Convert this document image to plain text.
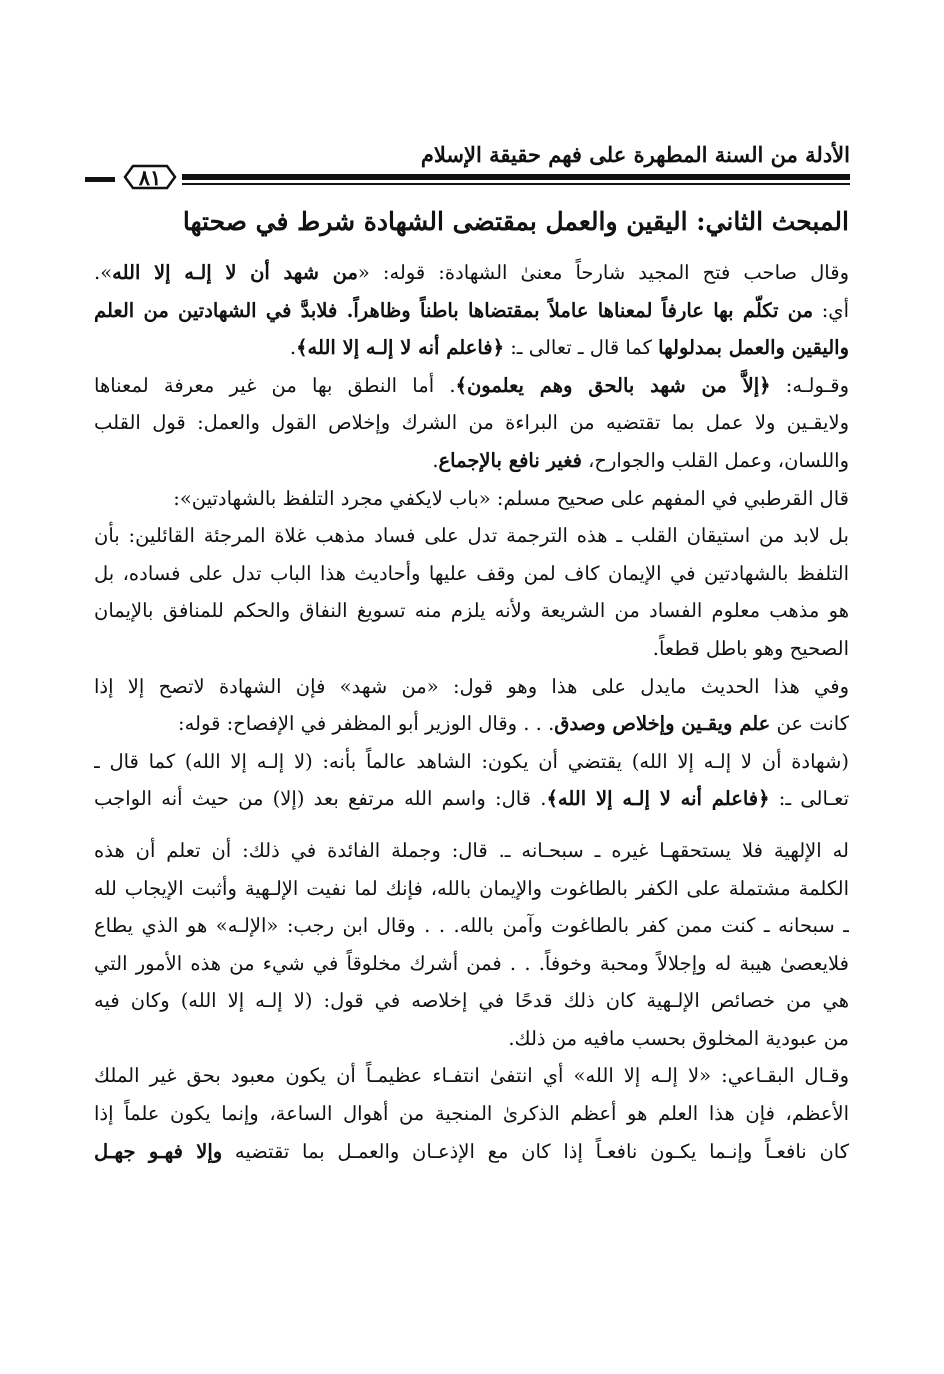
الأدلة من السنة المطهرة على فهم حقيقة الإسلام
٨١
المبحث الثاني: اليقين والعمل بمقتضى الشهادة شرط في صحتها
وقال صاحب فتح المجيد شارحاً معنىٰ الشهادة: قوله: «من شهد أن لا إلـه إلا الله».
أي: من تكلّم بها عارفاً لمعناها عاملاً بمقتضاها باطناً وظاهراً. فلابدَّ في الشهادتين من العلم
واليقين والعمل بمدلولها كما قال ـ تعالى ـ: ﴿فاعلم أنه لا إلـه إلا الله﴾.
وقـولـه: ﴿إلاَّ من شهد بالحق وهم يعلمون﴾. أما النطق بها من غير معرفة لمعناها
ولايقـين ولا عمل بما تقتضيه من البراءة من الشرك وإخلاص القول والعمل: قول القلب
واللسان، وعمل القلب والجوارح، فغير نافع بالإجماع.
قال القرطبي في المفهم على صحيح مسلم: «باب لايكفي مجرد التلفظ بالشهادتين»:
بل لابد من استيقان القلب ـ هذه الترجمة تدل على فساد مذهب غلاة المرجئة القائلين: بأن
التلفظ بالشهادتين في الإيمان كاف لمن وقف عليها وأحاديث هذا الباب تدل على فساده، بل
هو مذهب معلوم الفساد من الشريعة ولأنه يلزم منه تسويغ النفاق والحكم للمنافق بالإيمان
الصحيح وهو باطل قطعاً.
وفي هذا الحديث مايدل على هذا وهو قول: «من شهد» فإن الشهادة لاتصح إلا إذا
كانت عن علم ويقـين وإخلاص وصدق. . . وقال الوزير أبو المظفر في الإفصاح: قوله:
(شهادة أن لا إلـه إلا الله) يقتضي أن يكون: الشاهد عالماً بأنه: (لا إلـه إلا الله) كما قال ـ
تعـالى ـ: ﴿فاعلم أنه لا إلـه إلا الله﴾. قال: واسم الله مرتفع بعد (إلا) من حيث أنه الواجب
له الإلهية فلا يستحقهـا غيره ـ سبحـانه ـ. قال: وجملة الفائدة في ذلك: أن تعلم أن هذه
الكلمة مشتملة على الكفر بالطاغوت والإيمان بالله، فإنك لما نفيت الإلـهية وأثبت الإيجاب لله
ـ سبحانه ـ كنت ممن كفر بالطاغوت وآمن بالله. . . وقال ابن رجب: «الإلـه» هو الذي يطاع
فلايعصىٰ هيبة له وإجلالاً ومحبة وخوفاً. . . فمن أشرك مخلوقاً في شيء من هذه الأمور التي
هي من خصائص الإلـهية كان ذلك قدحًا في إخلاصه في قول: (لا إلـه إلا الله) وكان فيه
من عبودية المخلوق بحسب مافيه من ذلك.
وقـال البقـاعي: «لا إلـه إلا الله» أي انتفىٰ انتفـاء عظيمـاً أن يكون معبود بحق غير الملك
الأعظم، فإن هذا العلم هو أعظم الذكرىٰ المنجية من أهوال الساعة، وإنما يكون علماً إذا
كان نافعـاً وإنـما يكـون نافعـاً إذا كان مع الإذعـان والعمـل بما تقتضيه وإلا فهـو جهـل
